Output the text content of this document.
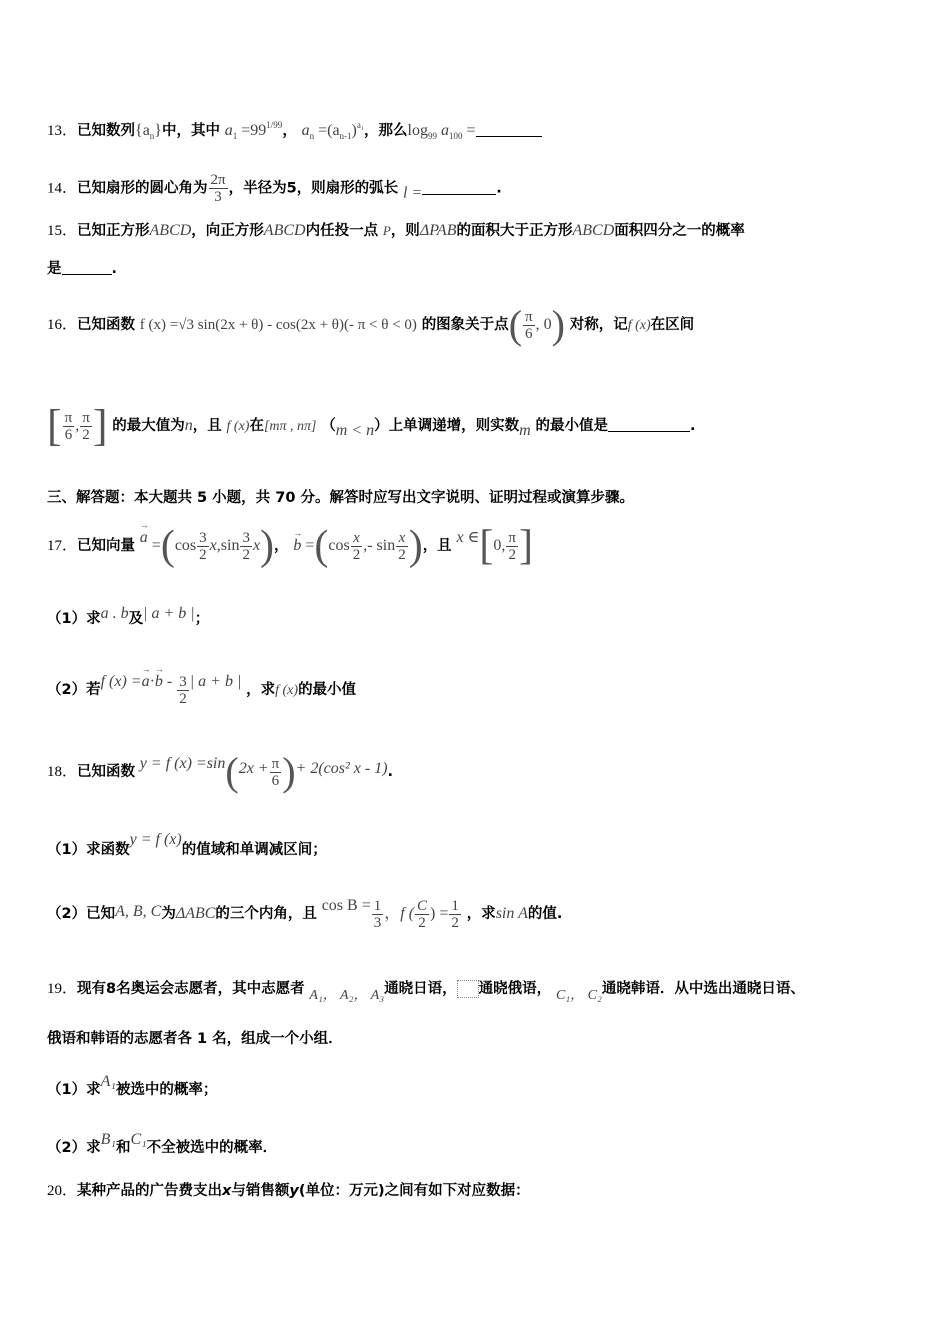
13．已知数列$\{a_n\}$中，其中 $a_1 =99^{1/99}$， $a_n =(a_{n-1})^{a_1}$，那么$\log_{99} a_{100}$ =
14．已知扇形的圆心角为 $\frac{2\pi}{3}$ ，半径为5，则扇形的弧长 l =	.
15．已知正方形ABCD，向正方形ABCD内任投一点 P，则ΔPAB的面积大于正方形ABCD面积四分之一的概率
是	.
16．已知函数 f (x) =√3 sin(2x + θ) - cos(2x + θ)(- π < θ < 0) 的图象关于点( $\frac{\pi}{6}$ , 0) 对称，记f (x)在区间
[ $\frac{\pi}{6}$ , $\frac{\pi}{2}$ ] 的最大值为n，且 f (x)在[mπ , nπ] （m < n）上单调递增，则实数m 的最小值是	.
三、解答题：本大题共 5 小题，共 70 分。解答时应写出文字说明、证明过程或演算步骤。
17．已知向量 → $a =(\cos \frac{3}{2} x,\sin \frac{3}{2} x)$， → $b =(\cos \frac{x}{2}$ ,- $\sin \frac{x}{2}$ )，且 x ∈[0, $\frac{\pi}{2}$ ]
（1）求a . b及| a + b |；
（2）若f $(x) =\to a\cdot\to b - \frac{3}{2}$ | a + b | ，求f (x)的最小值
18．已知函数 y = f $(x) =\sin(2x + \frac{\pi}{6}$ )+ 2(cos² x - 1).
（1）求函数y = f (x)的值域和单调减区间；
（2）已知A, B, C为ΔABC的三个内角，且 $\cos B = \frac{1}{3}$ ，f ( $\frac{C}{2}$ ) = $\frac{1}{2}$ ，求sin A的值.
19．现有8名奥运会志愿者，其中志愿者 A₁， A₂， A₃通晓日语， 通晓俄语， C₁， C₂通晓韩语．从中选出通晓日语、
俄语和韩语的志愿者各 1 名，组成一个小组．
（1）求A₁被选中的概率；
（2）求B₁和C₁不全被选中的概率．
20．某种产品的广告费支出x与销售额y(单位：万元)之间有如下对应数据：
